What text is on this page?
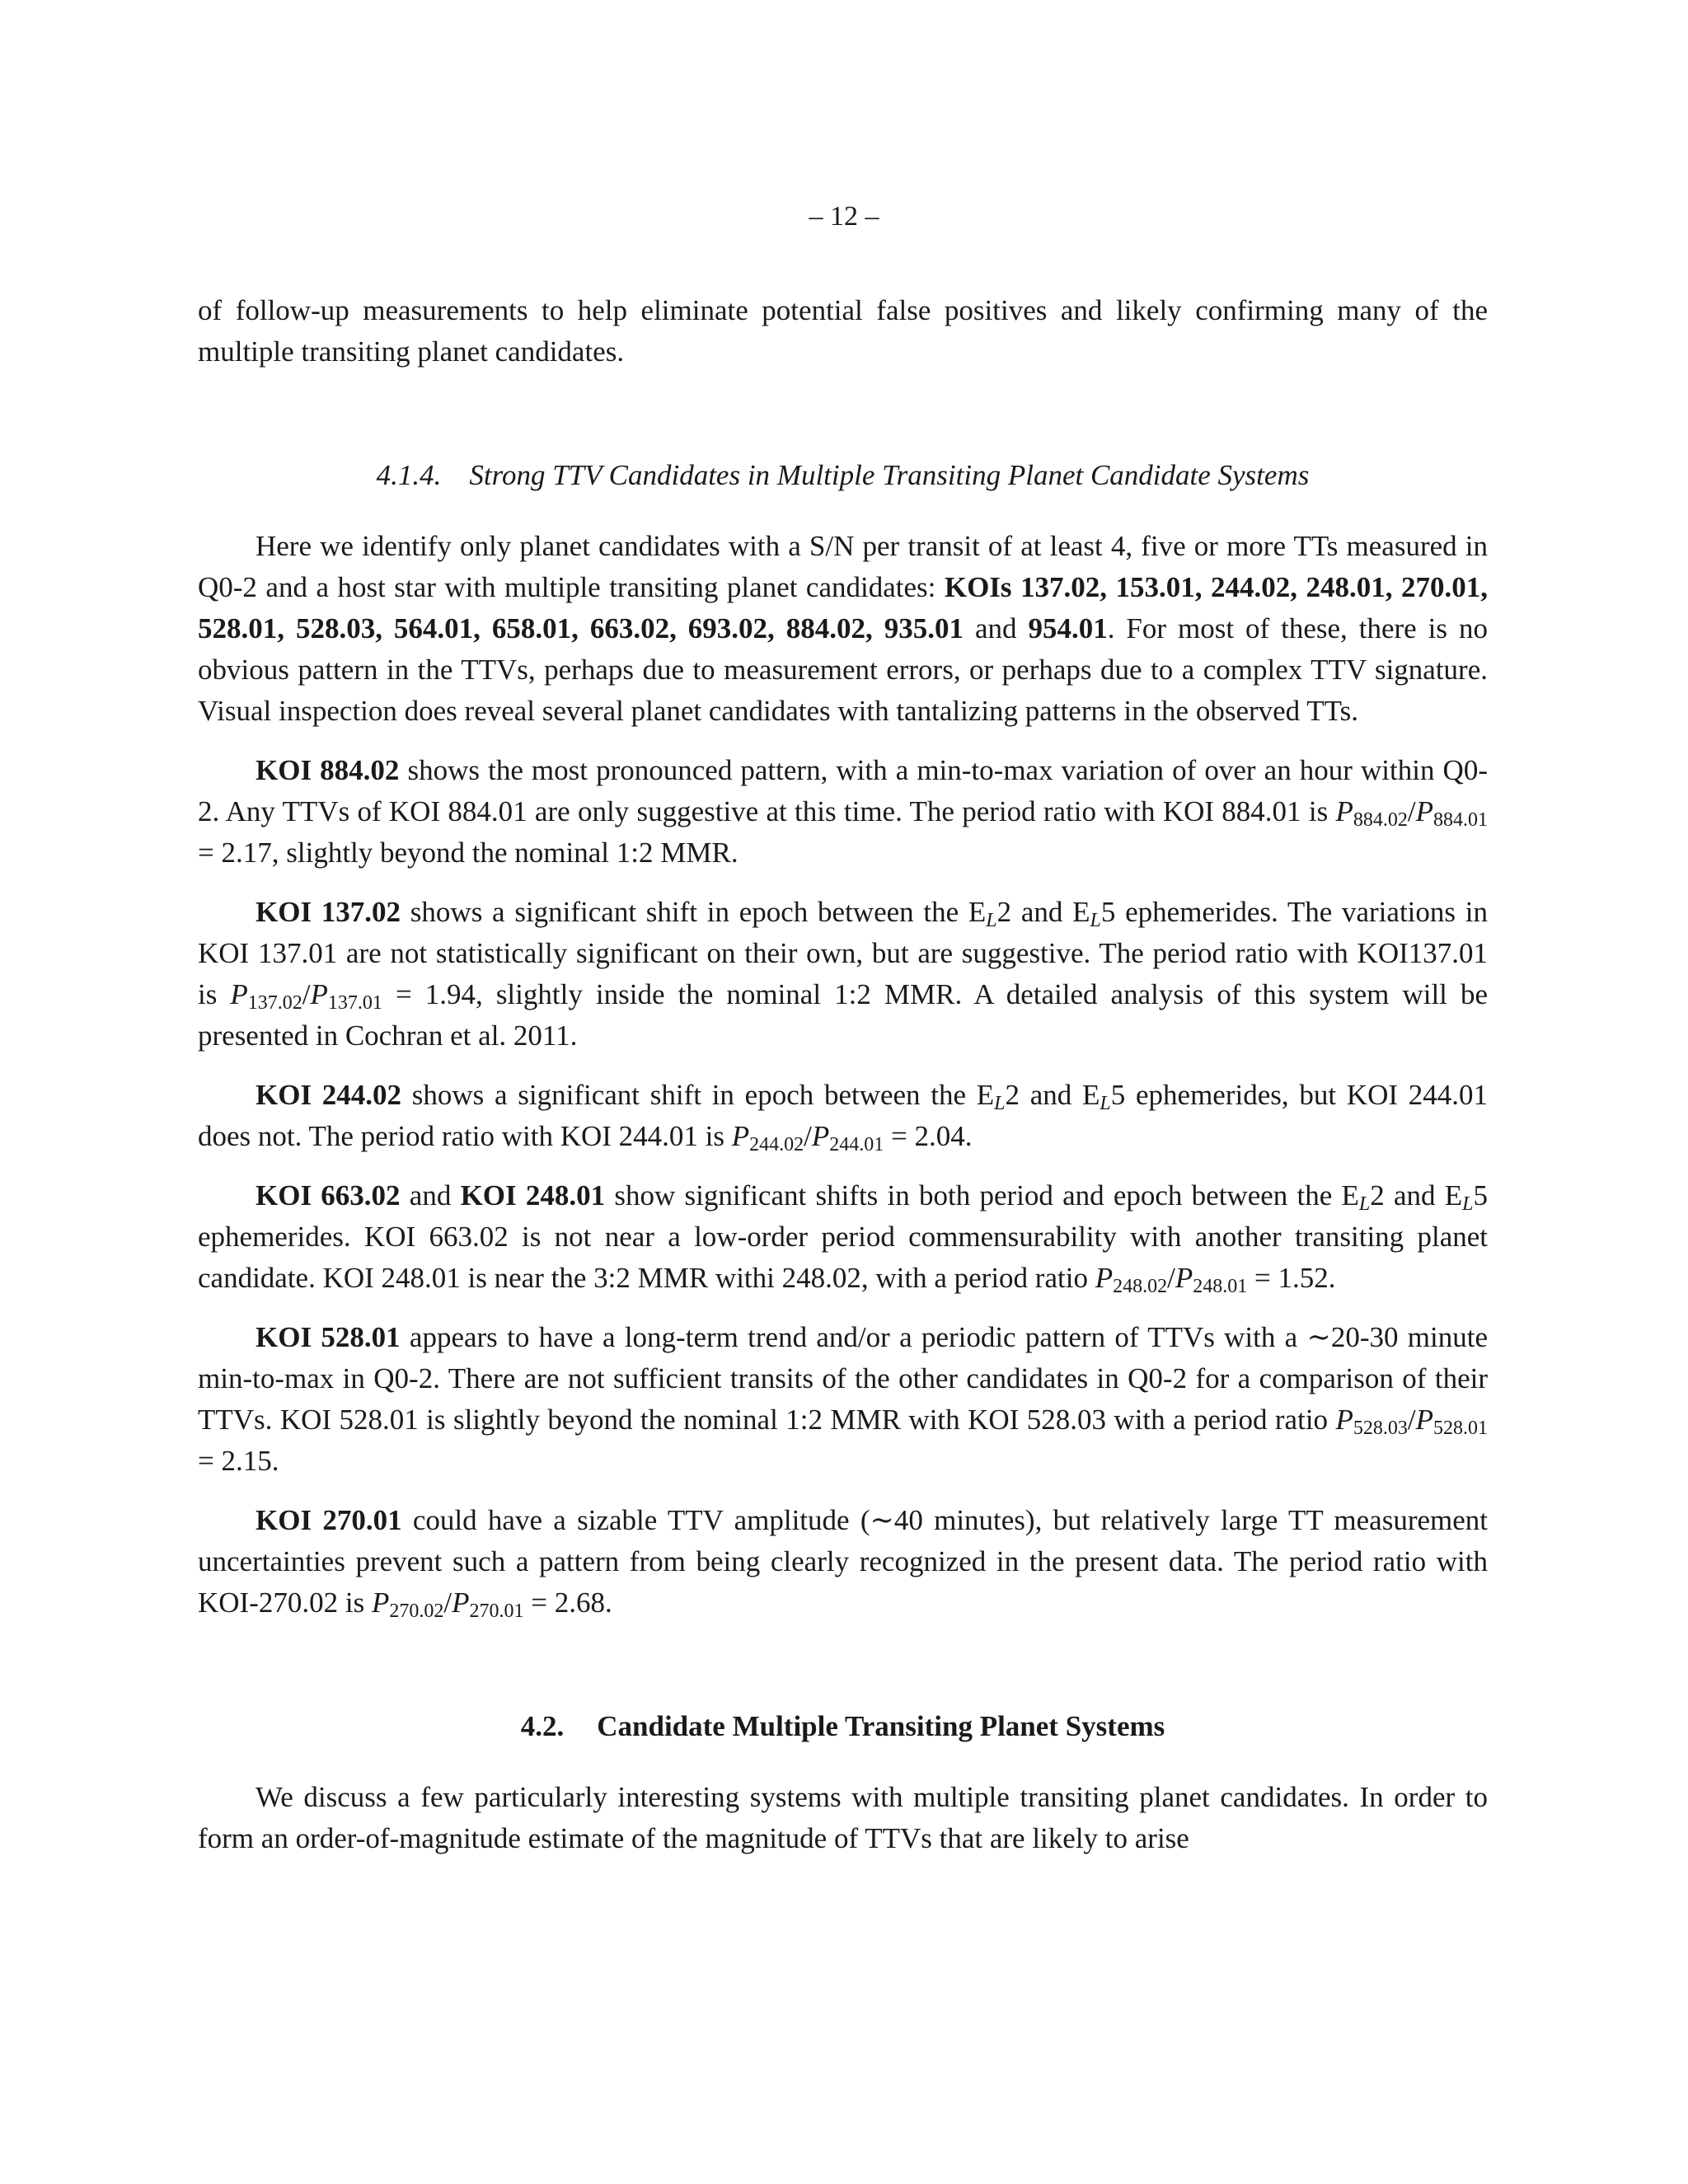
– 12 –

of follow-up measurements to help eliminate potential false positives and likely confirming many of the multiple transiting planet candidates.

4.1.4. Strong TTV Candidates in Multiple Transiting Planet Candidate Systems

Here we identify only planet candidates with a S/N per transit of at least 4, five or more TTs measured in Q0-2 and a host star with multiple transiting planet candidates: KOIs 137.02, 153.01, 244.02, 248.01, 270.01, 528.01, 528.03, 564.01, 658.01, 663.02, 693.02, 884.02, 935.01 and 954.01. For most of these, there is no obvious pattern in the TTVs, perhaps due to measurement errors, or perhaps due to a complex TTV signature. Visual inspection does reveal several planet candidates with tantalizing patterns in the observed TTs.

KOI 884.02 shows the most pronounced pattern, with a min-to-max variation of over an hour within Q0-2. Any TTVs of KOI 884.01 are only suggestive at this time. The period ratio with KOI 884.01 is $P_{884.02}/P_{884.01} = 2.17$, slightly beyond the nominal 1:2 MMR.

KOI 137.02 shows a significant shift in epoch between the $E_L2$ and $E_L5$ ephemerides. The variations in KOI 137.01 are not statistically significant on their own, but are suggestive. The period ratio with KOI137.01 is $P_{137.02}/P_{137.01} = 1.94$, slightly inside the nominal 1:2 MMR. A detailed analysis of this system will be presented in Cochran et al. 2011.

KOI 244.02 shows a significant shift in epoch between the $E_L2$ and $E_L5$ ephemerides, but KOI 244.01 does not. The period ratio with KOI 244.01 is $P_{244.02}/P_{244.01} = 2.04$.

KOI 663.02 and KOI 248.01 show significant shifts in both period and epoch between the $E_L2$ and $E_L5$ ephemerides. KOI 663.02 is not near a low-order period commensurability with another transiting planet candidate. KOI 248.01 is near the 3:2 MMR withi 248.02, with a period ratio $P_{248.02}/P_{248.01} = 1.52$.

KOI 528.01 appears to have a long-term trend and/or a periodic pattern of TTVs with a ∼20-30 minute min-to-max in Q0-2. There are not sufficient transits of the other candidates in Q0-2 for a comparison of their TTVs. KOI 528.01 is slightly beyond the nominal 1:2 MMR with KOI 528.03 with a period ratio $P_{528.03}/P_{528.01} = 2.15$.

KOI 270.01 could have a sizable TTV amplitude (∼40 minutes), but relatively large TT measurement uncertainties prevent such a pattern from being clearly recognized in the present data. The period ratio with KOI-270.02 is $P_{270.02}/P_{270.01} = 2.68$.

4.2. Candidate Multiple Transiting Planet Systems

We discuss a few particularly interesting systems with multiple transiting planet candidates. In order to form an order-of-magnitude estimate of the magnitude of TTVs that are likely to arise
